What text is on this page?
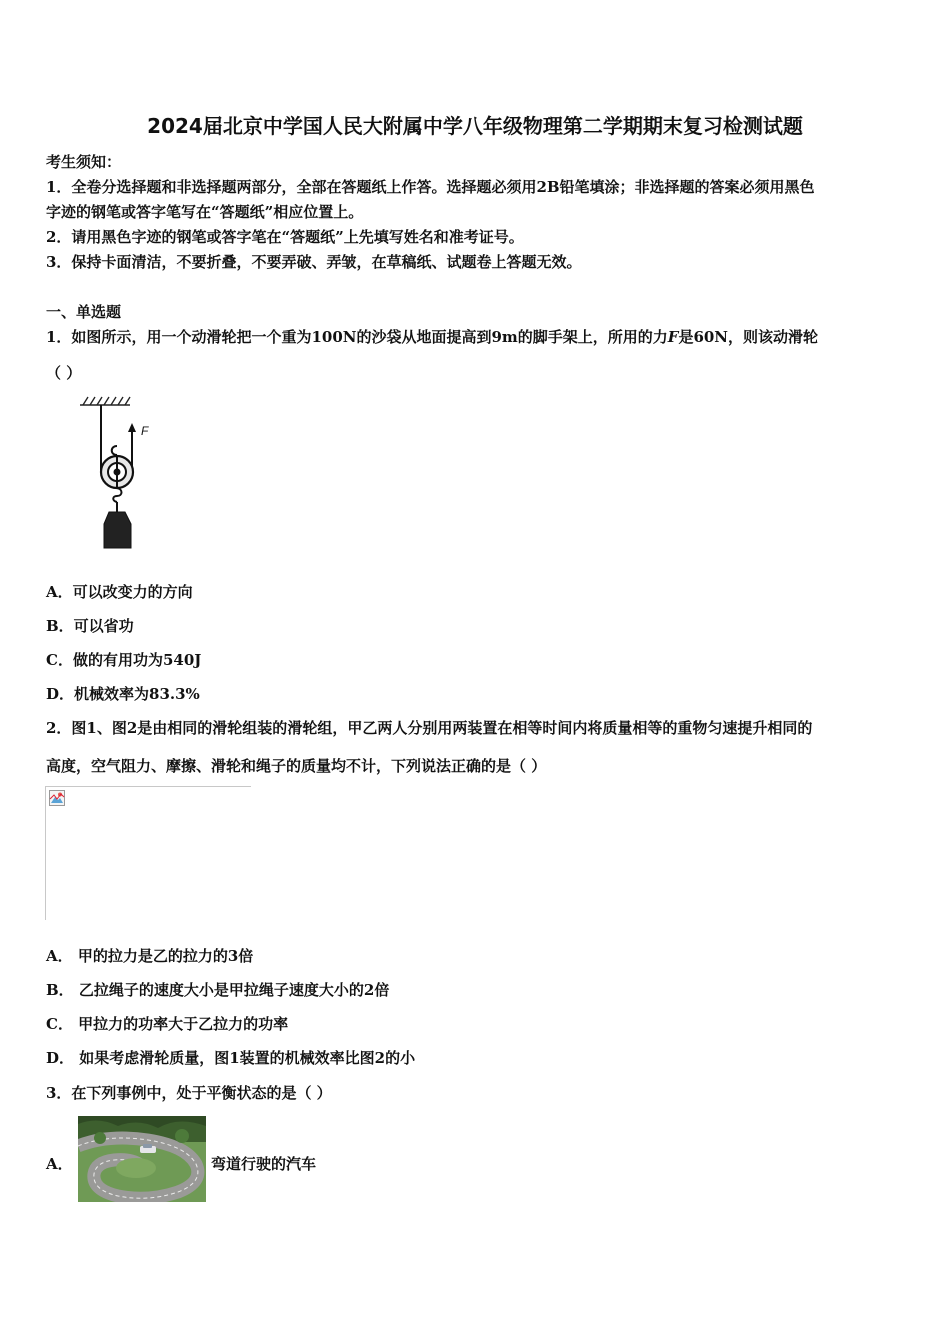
2024届北京中学国人民大附属中学八年级物理第二学期期末复习检测试题
考生须知：
1．全卷分选择题和非选择题两部分，全部在答题纸上作答。选择题必须用2B铅笔填涂；非选择题的答案必须用黑色
字迹的钢笔或答字笔写在“答题纸”相应位置上。
2．请用黑色字迹的钢笔或答字笔在“答题纸”上先填写姓名和准考证号。
3．保持卡面清洁，不要折叠，不要弄破、弄皱，在草稿纸、试题卷上答题无效。
一、单选题
1．如图所示，用一个动滑轮把一个重为100N的沙袋从地面提高到9m的脚手架上，所用的力F是60N，则该动滑轮
（ ）
F
A．可以改变力的方向
B．可以省功
C．做的有用功为540J
D．机械效率为83.3%
2．图1、图2是由相同的滑轮组装的滑轮组，甲乙两人分别用两装置在相等时间内将质量相等的重物匀速提升相同的
高度，空气阻力、摩擦、滑轮和绳子的质量均不计，下列说法正确的是（ ）
A． 甲的拉力是乙的拉力的3倍
B． 乙拉绳子的速度大小是甲拉绳子速度大小的2倍
C． 甲拉力的功率大于乙拉力的功率
D． 如果考虑滑轮质量，图1装置的机械效率比图2的小
3．在下列事例中，处于平衡状态的是（ ）
A．	弯道行驶的汽车
